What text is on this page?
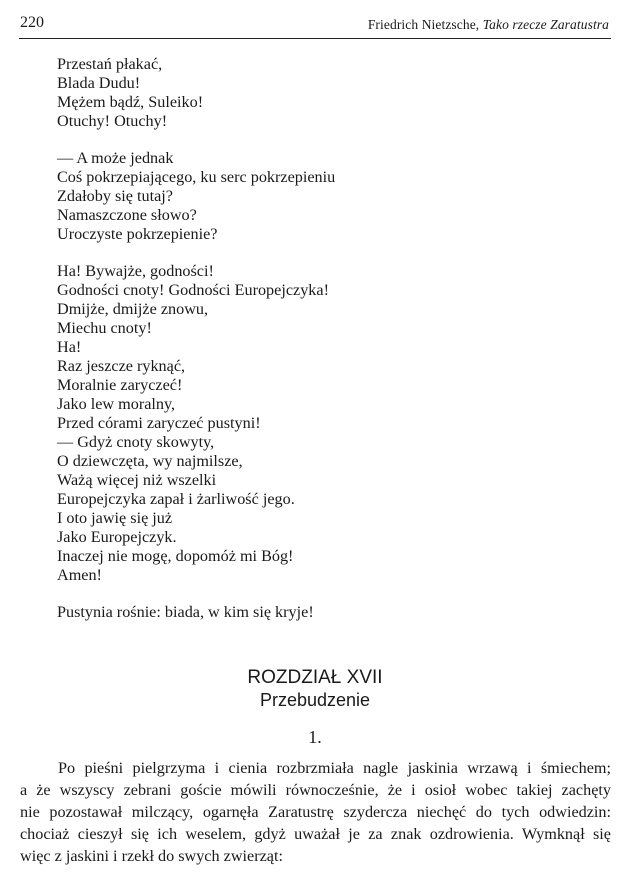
220	Friedrich Nietzsche, Tako rzecze Zaratustra
Przestań płakać,
Blada Dudu!
Mężem bądź, Suleiko!
Otuchy! Otuchy!
— A może jednak
Coś pokrzepiającego, ku serc pokrzepieniu
Zdałoby się tutaj?
Namaszczone słowo?
Uroczyste pokrzepienie?
Ha! Bywajże, godności!
Godności cnoty! Godności Europejczyka!
Dmijże, dmijże znowu,
Miechu cnoty!
Ha!
Raz jeszcze ryknąć,
Moralnie zaryczeć!
Jako lew moralny,
Przed córami zaryczeć pustyni!
— Gdyż cnoty skowyty,
O dziewczęta, wy najmilsze,
Ważą więcej niż wszelki
Europejczyka zapał i żarliwość jego.
I oto jawię się już
Jako Europejczyk.
Inaczej nie mogę, dopomóż mi Bóg!
Amen!
Pustynia rośnie: biada, w kim się kryje!
ROZDZIAŁ XVII
Przebudzenie
1.
Po pieśni pielgrzyma i cienia rozbrzmiała nagle jaskinia wrzawą i śmiechem;
a że wszyscy zebrani goście mówili równocześnie, że i osioł wobec takiej zachęty
nie pozostawał milczący, ogarnęła Zaratustrę szydercza niechęć do tych odwiedzin:
chociaż cieszył się ich weselem, gdyż uważał je za znak ozdrowienia. Wymknął się
więc z jaskini i rzekł do swych zwierząt:
